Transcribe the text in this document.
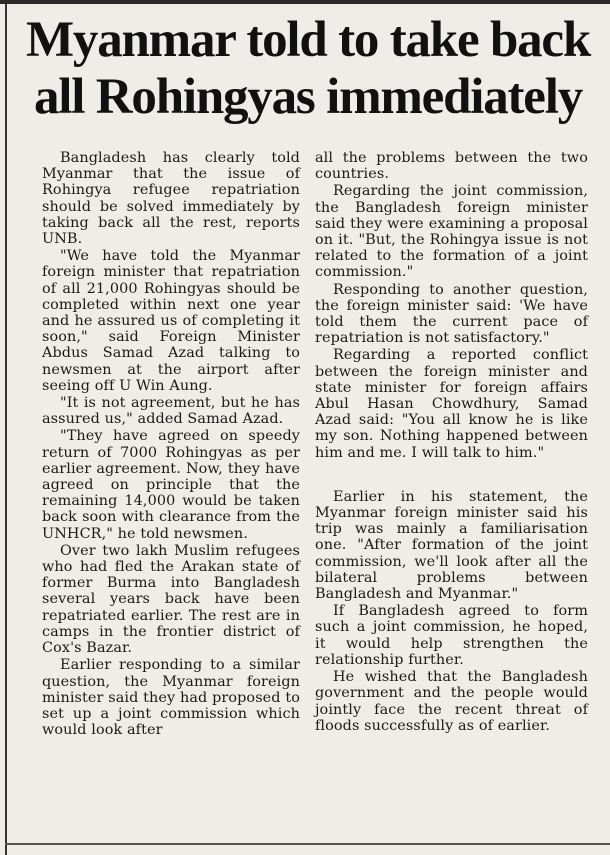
Myanmar told to take back
all Rohingyas immediately

Bangladesh has clearly told Myanmar that the issue of Rohingya refugee repatriation should be solved immediately by taking back all the rest, reports UNB.

"We have told the Myanmar foreign minister that repatriation of all 21,000 Rohingyas should be completed within next one year and he assured us of completing it soon," said Foreign Minister Abdus Samad Azad talking to newsmen at the airport after seeing off U Win Aung.

"It is not agreement, but he has assured us," added Samad Azad.

"They have agreed on speedy return of 7000 Rohingyas as per earlier agreement. Now, they have agreed on principle that the remaining 14,000 would be taken back soon with clearance from the UNHCR," he told newsmen.

Over two lakh Muslim refugees who had fled the Arakan state of former Burma into Bangladesh several years back have been repatriated earlier. The rest are in camps in the frontier district of Cox's Bazar.

Earlier responding to a similar question, the Myanmar foreign minister said they had proposed to set up a joint commission which would look after

all the problems between the two countries.

Regarding the joint commission, the Bangladesh foreign minister said they were examining a proposal on it. "But, the Rohingya issue is not related to the formation of a joint commission."

Responding to another question, the foreign minister said: 'We have told them the current pace of repatriation is not satisfactory."

Regarding a reported conflict between the foreign minister and state minister for foreign affairs Abul Hasan Chowdhury, Samad Azad said: "You all know he is like my son. Nothing happened between him and me. I will talk to him."

Earlier in his statement, the Myanmar foreign minister said his trip was mainly a familiarisation one. "After formation of the joint commission, we'll look after all the bilateral problems between Bangladesh and Myanmar."

If Bangladesh agreed to form such a joint commission, he hoped, it would help strengthen the relationship further.

He wished that the Bangladesh government and the people would jointly face the recent threat of floods successfully as of earlier.
